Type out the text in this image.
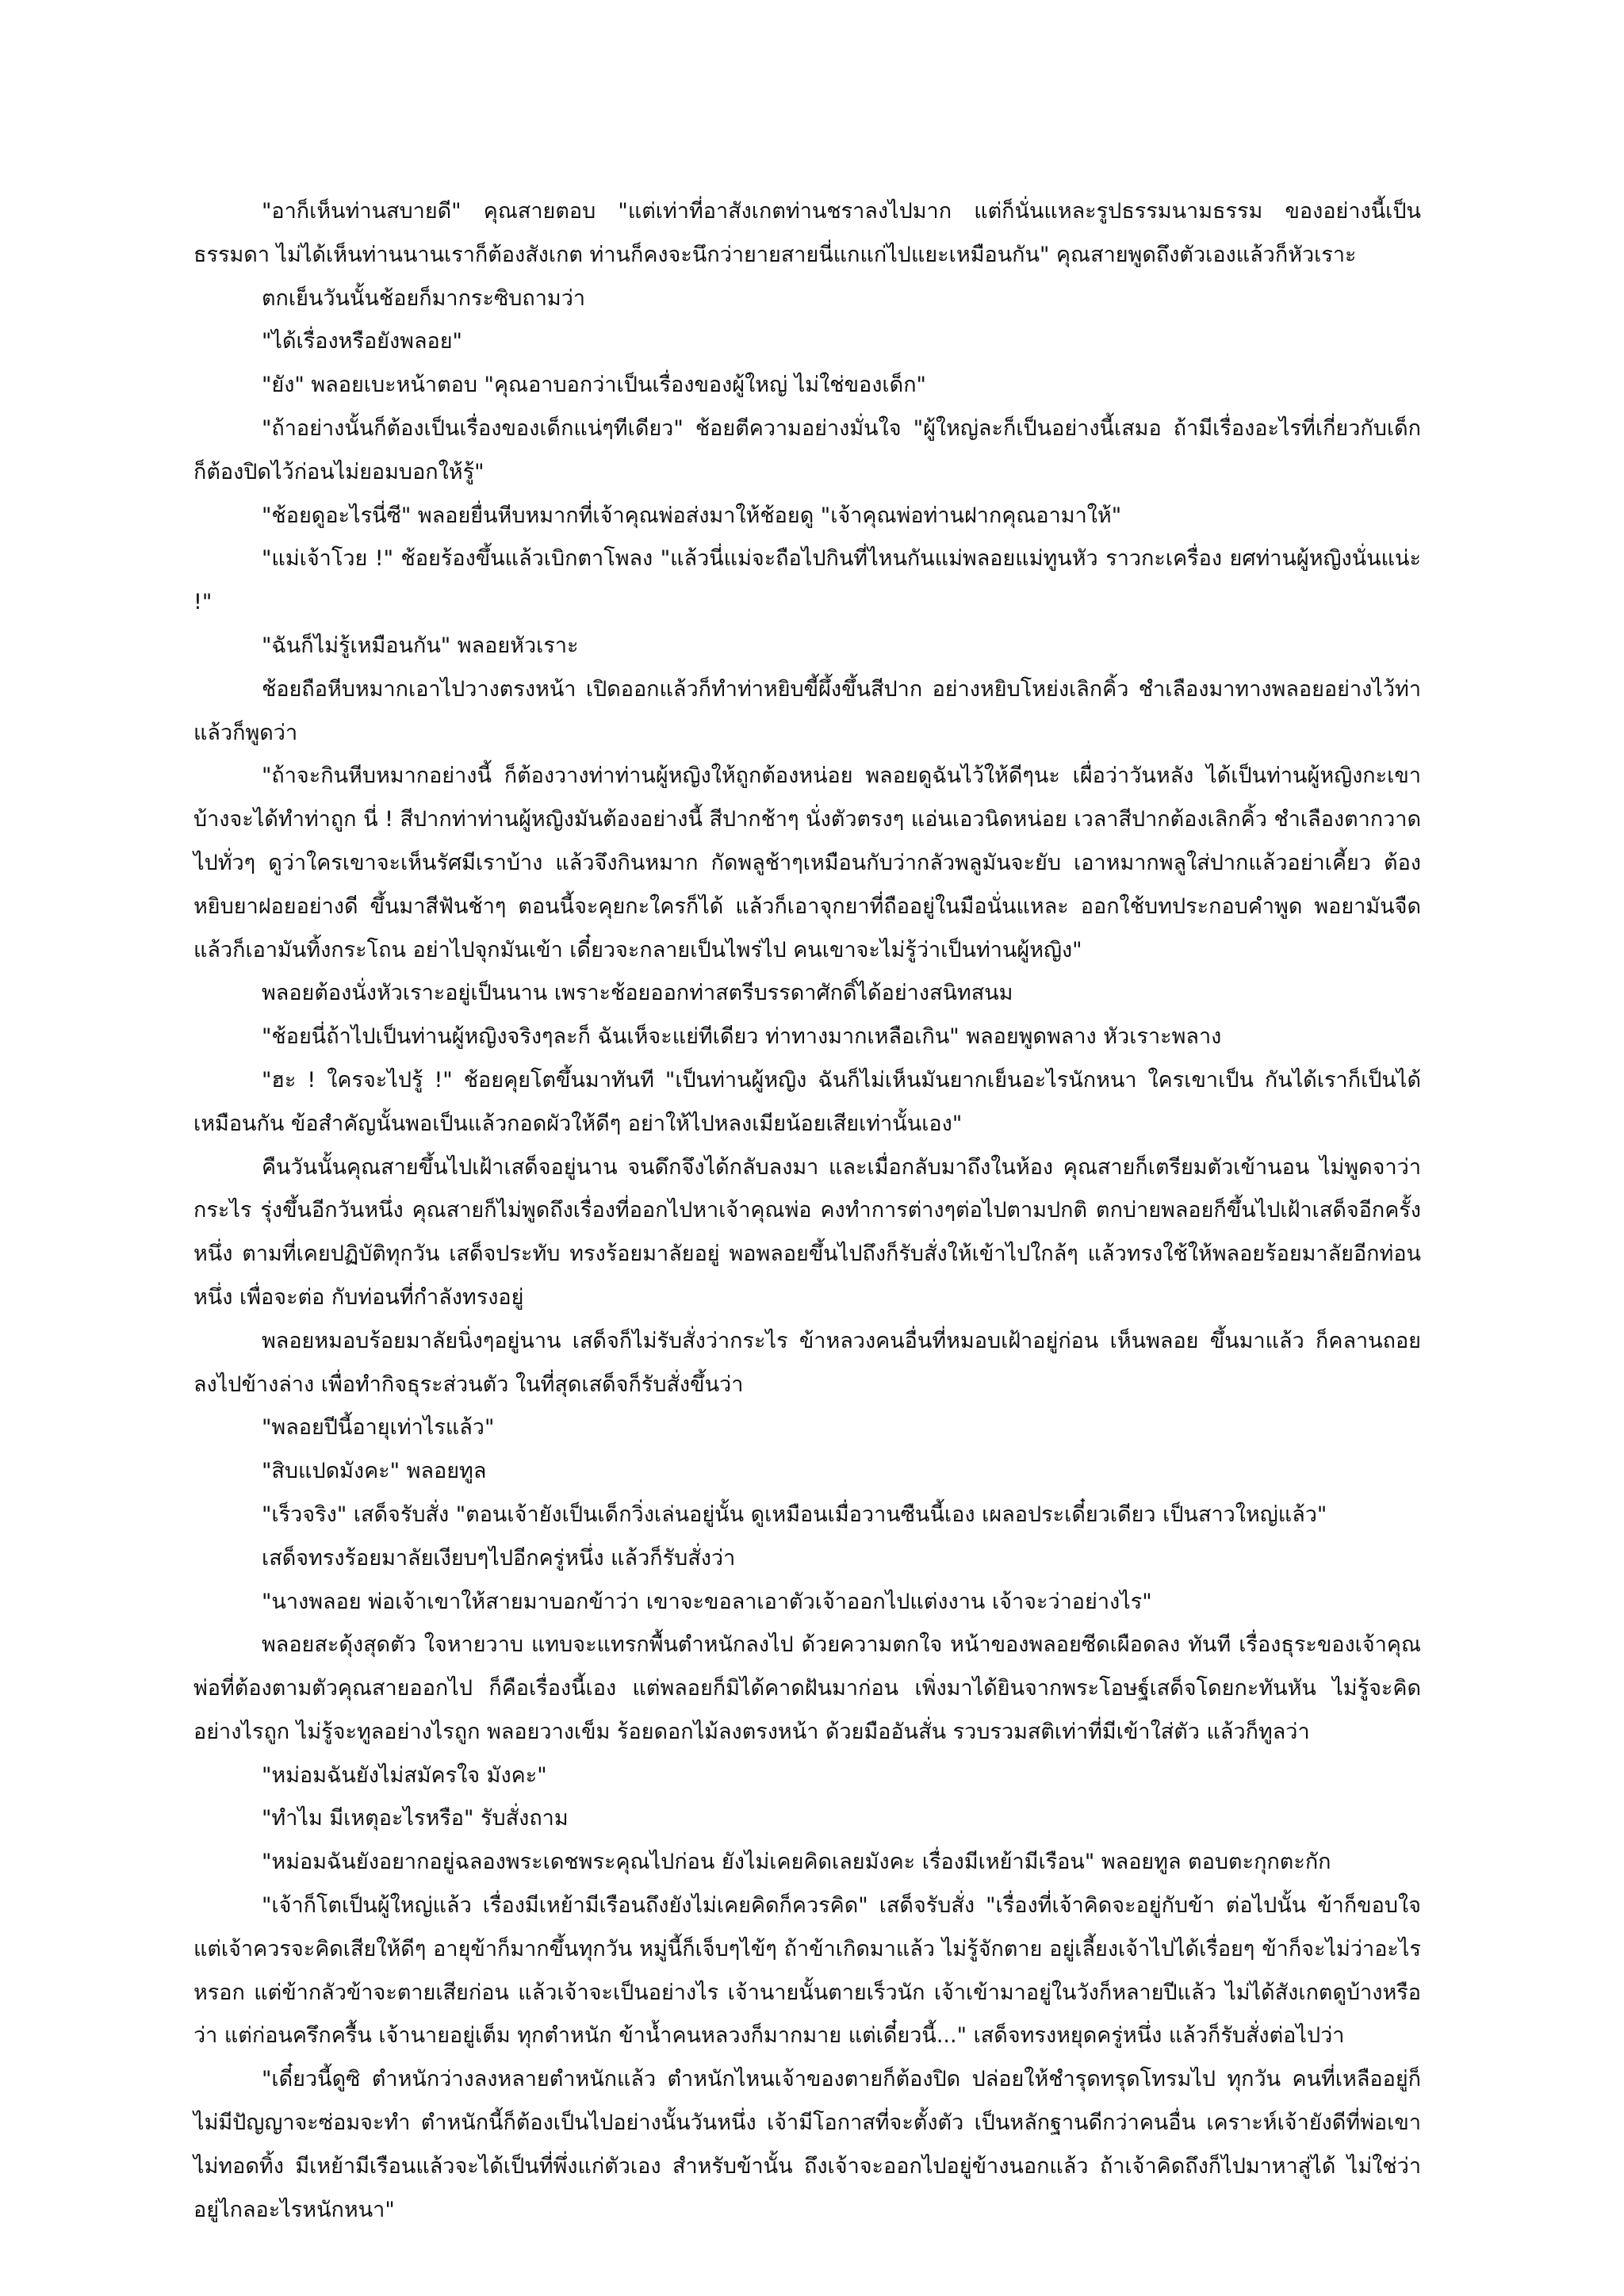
"อาก็เห็นท่านสบายดี" คุณสายตอบ "แต่เท่าที่อาสังเกตท่านชราลงไปมาก แต่ก็นั่นแหละรูปธรรมนามธรรม ของอย่างนี้เป็นธรรมดา ไม่ได้เห็นท่านนานเราก็ต้องสังเกต ท่านก็คงจะนึกว่ายายสายนี่แกแก่ไปแยะเหมือนกัน" คุณสายพูดถึงตัวเองแล้วก็หัวเราะ

ตกเย็นวันนั้นช้อยก็มากระซิบถามว่า

"ได้เรื่องหรือยังพลอย"

"ยัง" พลอยเบะหน้าตอบ "คุณอาบอกว่าเป็นเรื่องของผู้ใหญ่ ไม่ใช่ของเด็ก"

"ถ้าอย่างนั้นก็ต้องเป็นเรื่องของเด็กแน่ๆทีเดียว" ช้อยตีความอย่างมั่นใจ "ผู้ใหญ่ละก็เป็นอย่างนี้เสมอ ถ้ามีเรื่องอะไรที่เกี่ยวกับเด็ก ก็ต้องปิดไว้ก่อนไม่ยอมบอกให้รู้"

"ช้อยดูอะไรนี่ซี" พลอยยื่นหีบหมากที่เจ้าคุณพ่อส่งมาให้ช้อยดู "เจ้าคุณพ่อท่านฝากคุณอามาให้"

"แม่เจ้าโวย !" ช้อยร้องขึ้นแล้วเบิกตาโพลง "แล้วนี่แม่จะถือไปกินที่ไหนกันแม่พลอยแม่ทูนหัว ราวกะเครื่อง ยศท่านผู้หญิงนั่นแน่ะ !"

"ฉันก็ไม่รู้เหมือนกัน" พลอยหัวเราะ

ช้อยถือหีบหมากเอาไปวางตรงหน้า เปิดออกแล้วก็ทำท่าหยิบขี้ผึ้งขึ้นสีปาก อย่างหยิบโหย่งเลิกคิ้ว ชำเลืองมาทางพลอยอย่างไว้ท่า แล้วก็พูดว่า

"ถ้าจะกินหีบหมากอย่างนี้ ก็ต้องวางท่าท่านผู้หญิงให้ถูกต้องหน่อย พลอยดูฉันไว้ให้ดีๆนะ เผื่อว่าวันหลัง ได้เป็นท่านผู้หญิงกะเขาบ้างจะได้ทำท่าถูก นี่ ! สีปากท่าท่านผู้หญิงมันต้องอย่างนี้ สีปากช้าๆ นั่งตัวตรงๆ แอ่นเอวนิดหน่อย เวลาสีปากต้องเลิกคิ้ว ชำเลืองตากวาดไปทั่วๆ ดูว่าใครเขาจะเห็นรัศมีเราบ้าง แล้วจึงกินหมาก กัดพลูช้าๆเหมือนกับว่ากลัวพลูมันจะยับ เอาหมากพลูใส่ปากแล้วอย่าเคี้ยว ต้องหยิบยาฝอยอย่างดี ขึ้นมาสีฟันช้าๆ ตอนนี้จะคุยกะใครก็ได้ แล้วก็เอาจุกยาที่ถืออยู่ในมือนั่นแหละ ออกใช้บทประกอบคำพูด พอยามันจืดแล้วก็เอามันทิ้งกระโถน อย่าไปจุกมันเข้า เดี๋ยวจะกลายเป็นไพร่ไป คนเขาจะไม่รู้ว่าเป็นท่านผู้หญิง"

พลอยต้องนั่งหัวเราะอยู่เป็นนาน เพราะช้อยออกท่าสตรีบรรดาศักดิ์ได้อย่างสนิทสนม

"ช้อยนี่ถ้าไปเป็นท่านผู้หญิงจริงๆละก็ ฉันเห็จะแย่ทีเดียว ท่าทางมากเหลือเกิน" พลอยพูดพลาง หัวเราะพลาง

"ฮะ ! ใครจะไปรู้ !" ช้อยคุยโตขึ้นมาทันที "เป็นท่านผู้หญิง ฉันก็ไม่เห็นมันยากเย็นอะไรนักหนา ใครเขาเป็น กันได้เราก็เป็นได้เหมือนกัน ข้อสำคัญนั้นพอเป็นแล้วกอดผัวให้ดีๆ อย่าให้ไปหลงเมียน้อยเสียเท่านั้นเอง"

คืนวันนั้นคุณสายขึ้นไปเฝ้าเสด็จอยู่นาน จนดึกจึงได้กลับลงมา และเมื่อกลับมาถึงในห้อง คุณสายก็เตรียมตัวเข้านอน ไม่พูดจาว่ากระไร รุ่งขึ้นอีกวันหนึ่ง คุณสายก็ไม่พูดถึงเรื่องที่ออกไปหาเจ้าคุณพ่อ คงทำการต่างๆต่อไปตามปกติ ตกบ่ายพลอยก็ขึ้นไปเฝ้าเสด็จอีกครั้งหนึ่ง ตามที่เคยปฏิบัติทุกวัน เสด็จประทับ ทรงร้อยมาลัยอยู่ พอพลอยขึ้นไปถึงก็รับสั่งให้เข้าไปใกล้ๆ แล้วทรงใช้ให้พลอยร้อยมาลัยอีกท่อนหนึ่ง เพื่อจะต่อ กับท่อนที่กำลังทรงอยู่

พลอยหมอบร้อยมาลัยนิ่งๆอยู่นาน เสด็จก็ไม่รับสั่งว่ากระไร ข้าหลวงคนอื่นที่หมอบเฝ้าอยู่ก่อน เห็นพลอย ขึ้นมาแล้ว ก็คลานถอยลงไปข้างล่าง เพื่อทำกิจธุระส่วนตัว ในที่สุดเสด็จก็รับสั่งขึ้นว่า

"พลอยปีนี้อายุเท่าไรแล้ว"

"สิบแปดมังคะ" พลอยทูล

"เร็วจริง" เสด็จรับสั่ง "ตอนเจ้ายังเป็นเด็กวิ่งเล่นอยู่นั้น ดูเหมือนเมื่อวานซืนนี้เอง เผลอประเดี๋ยวเดียว เป็นสาวใหญ่แล้ว"

เสด็จทรงร้อยมาลัยเงียบๆไปอีกครู่หนึ่ง แล้วก็รับสั่งว่า

"นางพลอย พ่อเจ้าเขาให้สายมาบอกข้าว่า เขาจะขอลาเอาตัวเจ้าออกไปแต่งงาน เจ้าจะว่าอย่างไร"

พลอยสะดุ้งสุดตัว ใจหายวาบ แทบจะแทรกพื้นตำหนักลงไป ด้วยความตกใจ หน้าของพลอยซีดเผือดลง ทันที เรื่องธุระของเจ้าคุณพ่อที่ต้องตามตัวคุณสายออกไป ก็คือเรื่องนี้เอง แต่พลอยก็มิได้คาดฝันมาก่อน เพิ่งมาได้ยินจากพระโอษฐ์เสด็จโดยกะทันหัน ไม่รู้จะคิดอย่างไรถูก ไม่รู้จะทูลอย่างไรถูก พลอยวางเข็ม ร้อยดอกไม้ลงตรงหน้า ด้วยมืออันสั่น รวบรวมสติเท่าที่มีเข้าใส่ตัว แล้วก็ทูลว่า

"หม่อมฉันยังไม่สมัครใจ มังคะ"

"ทำไม มีเหตุอะไรหรือ" รับสั่งถาม

"หม่อมฉันยังอยากอยู่ฉลองพระเดชพระคุณไปก่อน ยังไม่เคยคิดเลยมังคะ เรื่องมีเหย้ามีเรือน" พลอยทูล ตอบตะกุกตะกัก

"เจ้าก็โตเป็นผู้ใหญ่แล้ว เรื่องมีเหย้ามีเรือนถึงยังไม่เคยคิดก็ควรคิด" เสด็จรับสั่ง "เรื่องที่เจ้าคิดจะอยู่กับข้า ต่อไปนั้น ข้าก็ขอบใจ แต่เจ้าควรจะคิดเสียให้ดีๆ อายุข้าก็มากขึ้นทุกวัน หมู่นี้ก็เจ็บๆไข้ๆ ถ้าข้าเกิดมาแล้ว ไม่รู้จักตาย อยู่เลี้ยงเจ้าไปได้เรื่อยๆ ข้าก็จะไม่ว่าอะไรหรอก แต่ข้ากลัวข้าจะตายเสียก่อน แล้วเจ้าจะเป็นอย่างไร เจ้านายนั้นตายเร็วนัก เจ้าเข้ามาอยู่ในวังก็หลายปีแล้ว ไม่ได้สังเกตดูบ้างหรือว่า แต่ก่อนครึกครื้น เจ้านายอยู่เต็ม ทุกตำหนัก ข้าน้ำคนหลวงก็มากมาย แต่เดี๋ยวนี้..." เสด็จทรงหยุดครู่หนึ่ง แล้วก็รับสั่งต่อไปว่า

"เดี๋ยวนี้ดูซิ ตำหนักว่างลงหลายตำหนักแล้ว ตำหนักไหนเจ้าของตายก็ต้องปิด ปล่อยให้ชำรุดทรุดโทรมไป ทุกวัน คนที่เหลืออยู่ก็ไม่มีปัญญาจะซ่อมจะทำ ตำหนักนี้ก็ต้องเป็นไปอย่างนั้นวันหนึ่ง เจ้ามีโอกาสที่จะตั้งตัว เป็นหลักฐานดีกว่าคนอื่น เคราะห์เจ้ายังดีที่พ่อเขาไม่ทอดทิ้ง มีเหย้ามีเรือนแล้วจะได้เป็นที่พึ่งแก่ตัวเอง สำหรับข้านั้น ถึงเจ้าจะออกไปอยู่ข้างนอกแล้ว ถ้าเจ้าคิดถึงก็ไปมาหาสู่ได้ ไม่ใช่ว่าอยู่ไกลอะไรหนักหนา"
